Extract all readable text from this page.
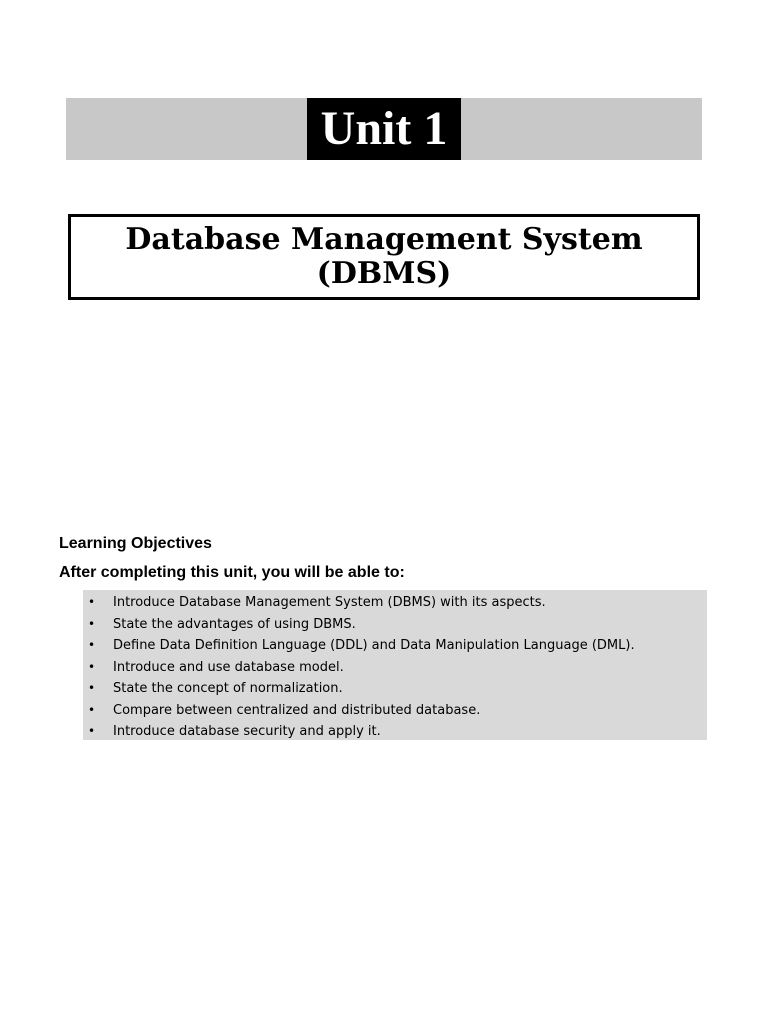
Unit 1
Database Management System
(DBMS)
Learning Objectives
After completing this unit, you will be able to:
• Introduce Database Management System (DBMS) with its aspects.
• State the advantages of using DBMS.
• Define Data Definition Language (DDL) and Data Manipulation Language (DML).
• Introduce and use database model.
• State the concept of normalization.
• Compare between centralized and distributed database.
• Introduce database security and apply it.
